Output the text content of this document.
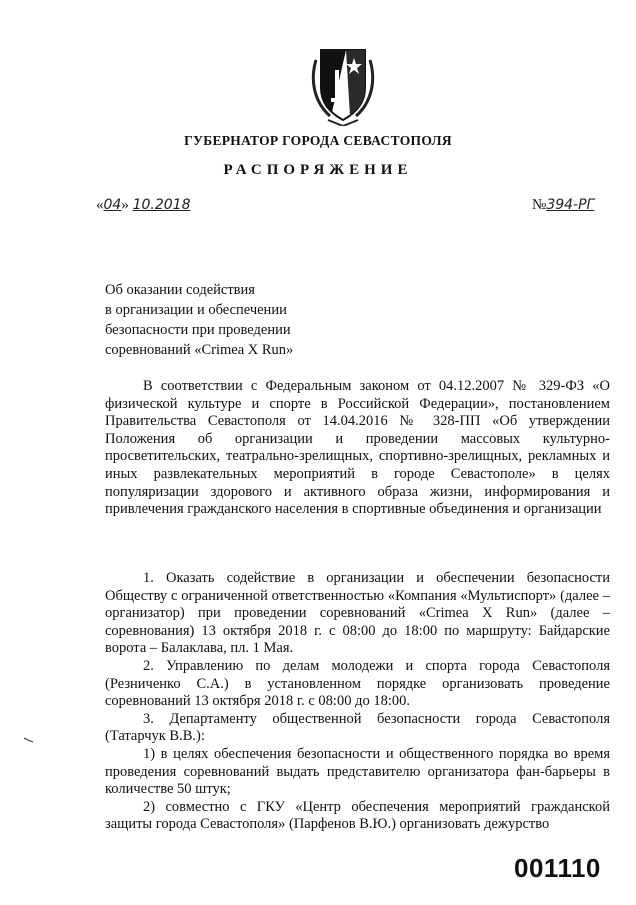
ГУБЕРНАТОР ГОРОДА СЕВАСТОПОЛЯ
РАСПОРЯЖЕНИЕ
«04» 10.2018	№394-РГ
Об оказании содействия
в организации и обеспечении
безопасности при проведении
соревнований «Crimea X Run»
В соответствии с Федеральным законом от 04.12.2007 № 329-ФЗ «О физической культуре и спорте в Российской Федерации», постановлением Правительства Севастополя от 14.04.2016 № 328-ПП «Об утверждении Положения об организации и проведении массовых культурно-просветительских, театрально-зрелищных, спортивно-зрелищных, рекламных и иных развлекательных мероприятий в городе Севастополе» в целях популяризации здорового и активного образа жизни, информирования и привлечения гражданского населения в спортивные объединения и организации
1. Оказать содействие в организации и обеспечении безопасности Обществу с ограниченной ответственностью «Компания «Мультиспорт» (далее – организатор) при проведении соревнований «Crimea X Run» (далее – соревнования) 13 октября 2018 г. с 08:00 до 18:00 по маршруту: Байдарские ворота – Балаклава, пл. 1 Мая.
2. Управлению по делам молодежи и спорта города Севастополя (Резниченко С.А.) в установленном порядке организовать проведение соревнований 13 октября 2018 г. с 08:00 до 18:00.
3. Департаменту общественной безопасности города Севастополя (Татарчук В.В.):
1) в целях обеспечения безопасности и общественного порядка во время проведения соревнований выдать представителю организатора фан-барьеры в количестве 50 штук;
2) совместно с ГКУ «Центр обеспечения мероприятий гражданской защиты города Севастополя» (Парфенов В.Ю.) организовать дежурство
001110
